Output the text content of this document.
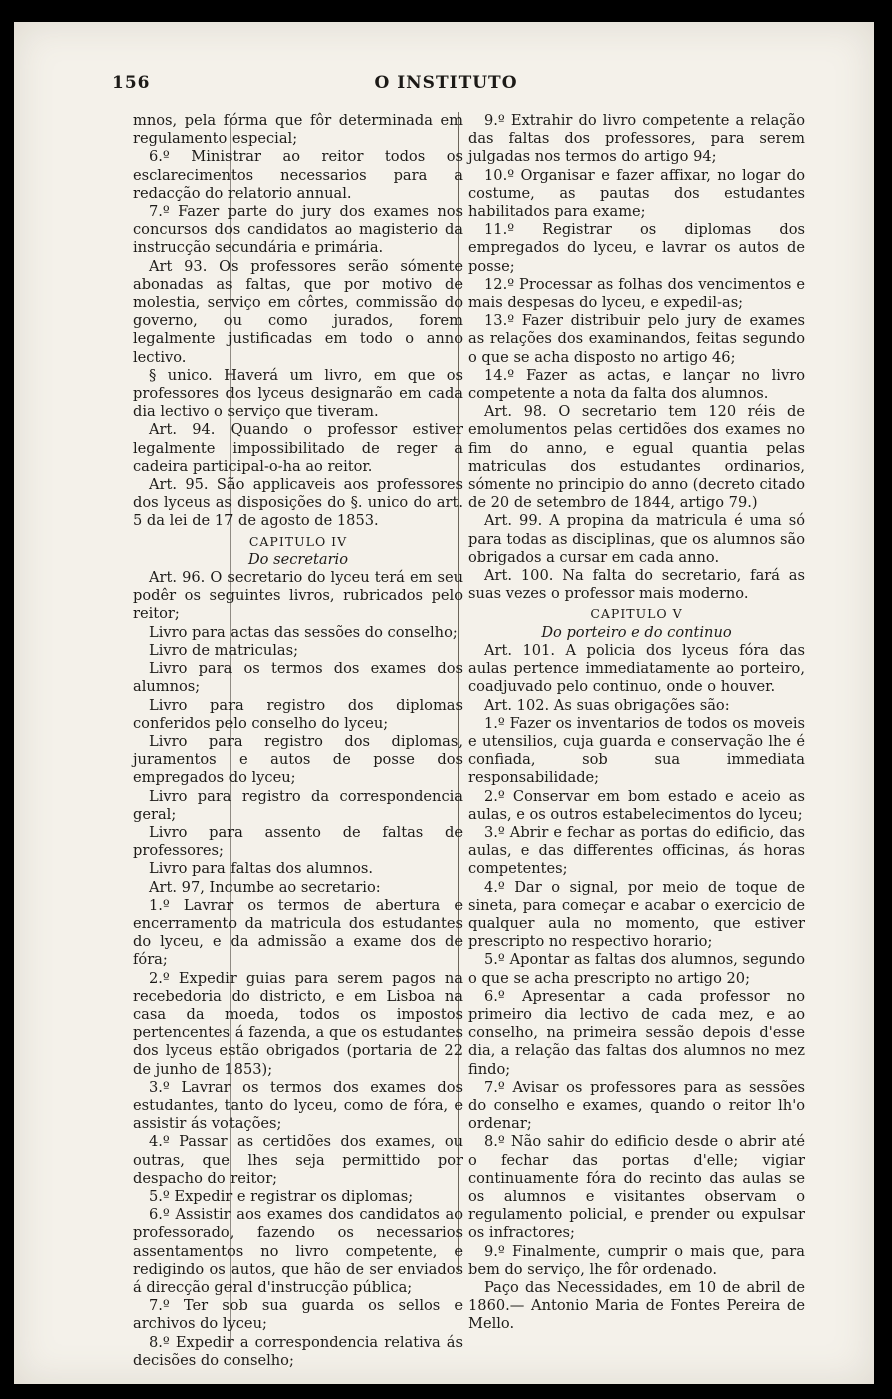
156	O INSTITUTO

mnos, pela fórma que fôr determinada em regulamento especial;

6.º Ministrar ao reitor todos os esclarecimentos necessarios para a redacção do relatorio annual.

7.º Fazer parte do jury dos exames nos concursos dos candidatos ao magisterio da instrucção secundária e primária.

Art 93. Os professores serão sómente abonadas as faltas, que por motivo de molestia, serviço em côrtes, commissão do governo, ou como jurados, forem legalmente justificadas em todo o anno lectivo.

§ unico. Haverá um livro, em que os professores dos lyceus designarão em cada dia lectivo o serviço que tiveram.

Art. 94. Quando o professor estiver legalmente impossibilitado de reger a cadeira participal-o-ha ao reitor.

Art. 95. São applicaveis aos professores dos lyceus as disposições do §. unico do art. 5 da lei de 17 de agosto de 1853.

CAPITULO IV

Do secretario

Art. 96. O secretario do lyceu terá em seu podêr os seguintes livros, rubricados pelo reitor;

Livro para actas das sessões do conselho;

Livro de matriculas;

Livro para os termos dos exames dos alumnos;

Livro para registro dos diplomas conferidos pelo conselho do lyceu;

Livro para registro dos diplomas, juramentos e autos de posse dos empregados do lyceu;

Livro para registro da correspondencia geral;

Livro para assento de faltas de professores;

Livro para faltas dos alumnos.

Art. 97, Incumbe ao secretario:

1.º Lavrar os termos de abertura e encerramento da matricula dos estudantes do lyceu, e da admissão a exame dos de fóra;

2.º Expedir guias para serem pagos na recebedoria do districto, e em Lisboa na casa da moeda, todos os impostos pertencentes á fazenda, a que os estudantes dos lyceus estão obrigados (portaria de 22 de junho de 1853);

3.º Lavrar os termos dos exames dos estudantes, tanto do lyceu, como de fóra, e assistir ás votações;

4.º Passar as certidões dos exames, ou outras, que lhes seja permittido por despacho do reitor;

5.º Expedir e registrar os diplomas;

6.º Assistir aos exames dos candidatos ao professorado, fazendo os necessarios assentamentos no livro competente, e redigindo os autos, que hão de ser enviados á direcção geral d'instrucção pública;

7.º Ter sob sua guarda os sellos e archivos do lyceu;

8.º Expedir a correspondencia relativa ás decisões do conselho;

9.º Extrahir do livro competente a relação das faltas dos professores, para serem julgadas nos termos do artigo 94;

10.º Organisar e fazer affixar, no logar do costume, as pautas dos estudantes habilitados para exame;

11.º Registrar os diplomas dos empregados do lyceu, e lavrar os autos de posse;

12.º Processar as folhas dos vencimentos e mais despesas do lyceu, e expedil-as;

13.º Fazer distribuir pelo jury de exames as relações dos examinandos, feitas segundo o que se acha disposto no artigo 46;

14.º Fazer as actas, e lançar no livro competente a nota da falta dos alumnos.

Art. 98. O secretario tem 120 réis de emolumentos pelas certidões dos exames no fim do anno, e egual quantia pelas matriculas dos estudantes ordinarios, sómente no principio do anno (decreto citado de 20 de setembro de 1844, artigo 79.)

Art. 99. A propina da matricula é uma só para todas as disciplinas, que os alumnos são obrigados a cursar em cada anno.

Art. 100. Na falta do secretario, fará as suas vezes o professor mais moderno.

CAPITULO V

Do porteiro e do continuo

Art. 101. A policia dos lyceus fóra das aulas pertence immediatamente ao porteiro, coadjuvado pelo continuo, onde o houver.

Art. 102. As suas obrigações são:

1.º Fazer os inventarios de todos os moveis e utensilios, cuja guarda e conservação lhe é confiada, sob sua immediata responsabilidade;

2.º Conservar em bom estado e aceio as aulas, e os outros estabelecimentos do lyceu;

3.º Abrir e fechar as portas do edificio, das aulas, e das differentes officinas, ás horas competentes;

4.º Dar o signal, por meio de toque de sineta, para começar e acabar o exercicio de qualquer aula no momento, que estiver prescripto no respectivo horario;

5.º Apontar as faltas dos alumnos, segundo o que se acha prescripto no artigo 20;

6.º Apresentar a cada professor no primeiro dia lectivo de cada mez, e ao conselho, na primeira sessão depois d'esse dia, a relação das faltas dos alumnos no mez findo;

7.º Avisar os professores para as sessões do conselho e exames, quando o reitor lh'o ordenar;

8.º Não sahir do edificio desde o abrir até o fechar das portas d'elle; vigiar continuamente fóra do recinto das aulas se os alumnos e visitantes observam o regulamento policial, e prender ou expulsar os infractores;

9.º Finalmente, cumprir o mais que, para bem do serviço, lhe fôr ordenado.

Paço das Necessidades, em 10 de abril de 1860.— Antonio Maria de Fontes Pereira de Mello.
